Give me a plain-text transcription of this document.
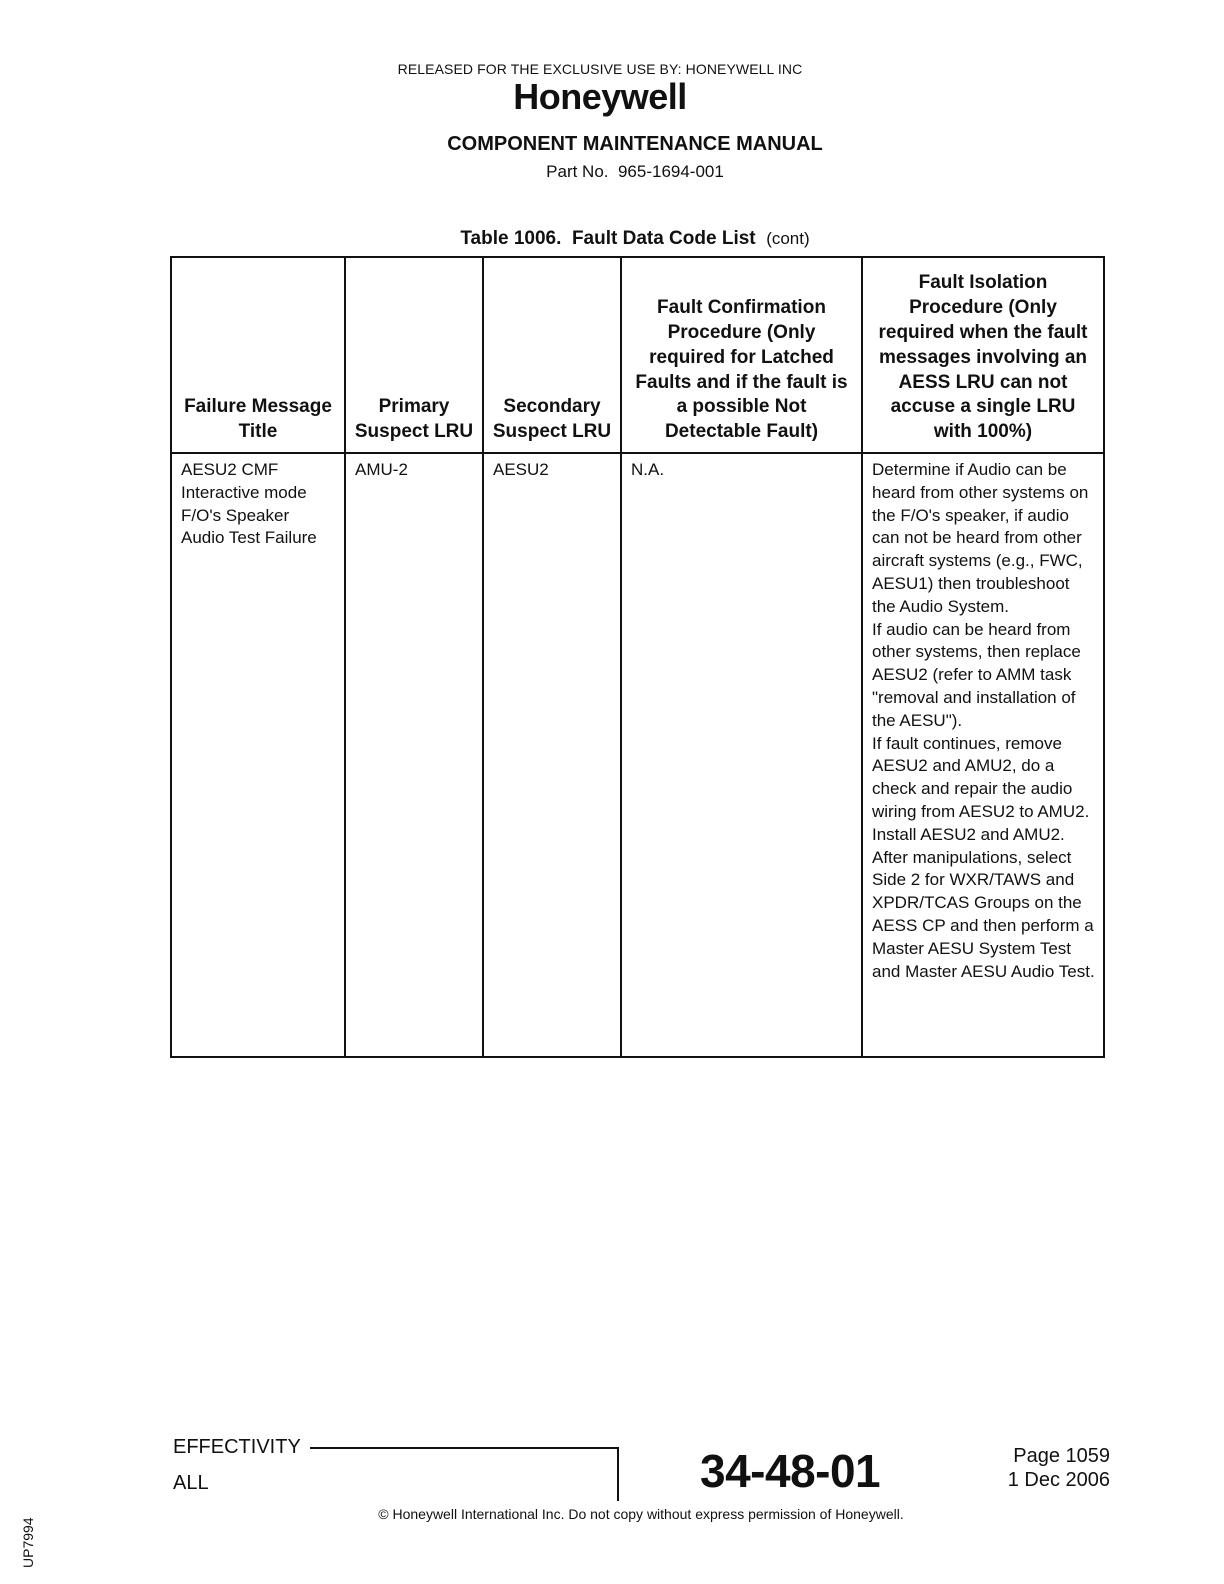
RELEASED FOR THE EXCLUSIVE USE BY: HONEYWELL INC
Honeywell
COMPONENT MAINTENANCE MANUAL
Part No. 965-1694-001
Table 1006. Fault Data Code List (cont)
Failure Message Title	Primary Suspect LRU	Secondary Suspect LRU	Fault Confirmation Procedure (Only required for Latched Faults and if the fault is a possible Not Detectable Fault)	Fault Isolation Procedure (Only required when the fault messages involving an AESS LRU can not accuse a single LRU with 100%)
AESU2 CMF Interactive mode F/O's Speaker Audio Test Failure	AMU-2	AESU2	N.A.	Determine if Audio can be heard from other systems on the F/O's speaker, if audio can not be heard from other aircraft systems (e.g., FWC, AESU1) then troubleshoot the Audio System.
If audio can be heard from other systems, then replace AESU2 (refer to AMM task "removal and installation of the AESU").
If fault continues, remove AESU2 and AMU2, do a check and repair the audio wiring from AESU2 to AMU2. Install AESU2 and AMU2.
After manipulations, select Side 2 for WXR/TAWS and XPDR/TCAS Groups on the AESS CP and then perform a Master AESU System Test and Master AESU Audio Test.
UP7994
EFFECTIVITY
ALL	34-48-01	Page 1059
1 Dec 2006
© Honeywell International Inc. Do not copy without express permission of Honeywell.
